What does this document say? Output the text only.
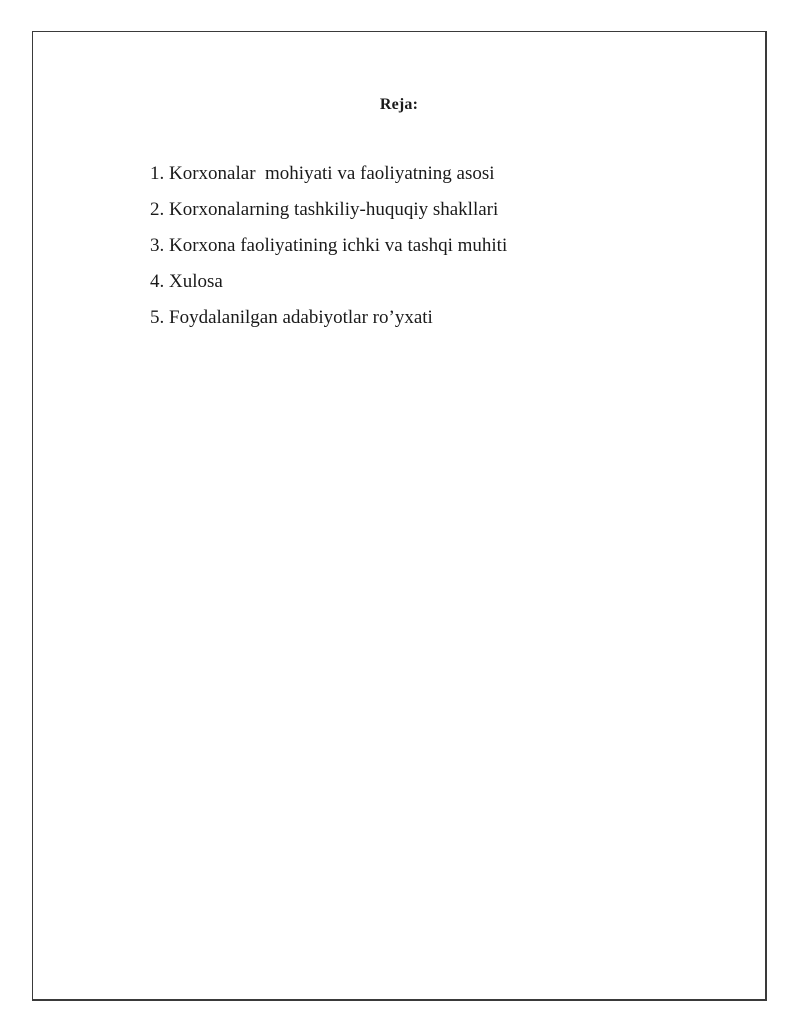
Reja:
1. Korxonalar  mohiyati va faoliyatning asosi
2. Korxonalarning tashkiliy-huquqiy shakllari
3. Korxona faoliyatining ichki va tashqi muhiti
4. Xulosa
5. Foydalanilgan adabiyotlar ro’yxati
